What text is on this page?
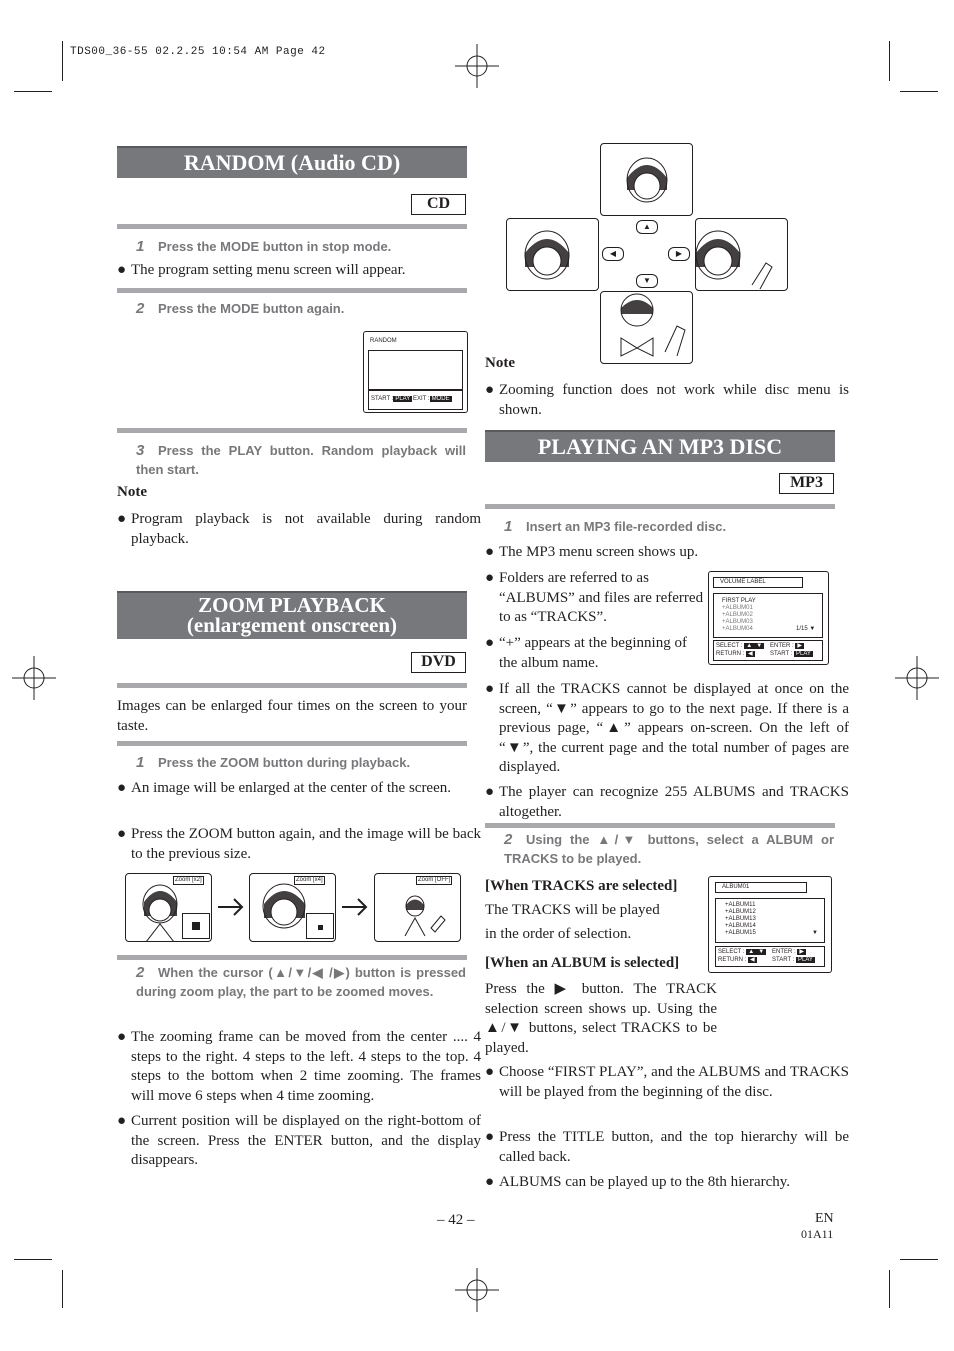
TDS00_36-55 02.2.25 10:54 AM Page 42
RANDOM (Audio CD)
CD
1 Press the MODE button in stop mode.
● The program setting menu screen will appear.
2 Press the MODE button again.
RANDOM
START : PLAY EXIT : MODE
3 Press the PLAY button. Random playback will then start.
Note
● Program playback is not available during random playback.
ZOOM PLAYBACK
(enlargement onscreen)
DVD
Images can be enlarged four times on the screen to your taste.
1 Press the ZOOM button during playback.
● An image will be enlarged at the center of the screen.
● Press the ZOOM button again, and the image will be back to the previous size.
Zoom [x2]	Zoom [x4]	Zoom [OFF]
2 When the cursor (▲/▼/◀ /▶) button is pressed during zoom play, the part to be zoomed moves.
● The zooming frame can be moved from the center .... 4 steps to the right. 4 steps to the left. 4 steps to the top. 4 steps to the bottom when 2 time zooming. The frames will move 6 steps when 4 time zooming.
● Current position will be displayed on the right-bottom of the screen. Press the ENTER button, and the display disappears.
▲
◀	▶
▼
Note
● Zooming function does not work while disc menu is shown.
PLAYING AN MP3 DISC
MP3
1 Insert an MP3 file-recorded disc.
● The MP3 menu screen shows up.
● Folders are referred to as “ALBUMS” and files are referred to as “TRACKS”.
● “+” appears at the beginning of the album name.
VOLUME LABEL
FIRST PLAY
+ALBUM01
+ALBUM02
+ALBUM03
+ALBUM04	1/15 ▼
SELECT : ▲ ▼	ENTER : ▶
RETURN : ◀	START : PLAY
● If all the TRACKS cannot be displayed at once on the screen, “▼” appears to go to the next page. If there is a previous page, “▲” appears on-screen. On the left of “▼”, the current page and the total number of pages are displayed.
● The player can recognize 255 ALBUMS and TRACKS altogether.
2 Using the ▲/▼ buttons, select a ALBUM or TRACKS to be played.
[When TRACKS are selected]
The TRACKS will be played
in the order of selection.
[When an ALBUM is selected]
Press the ▶ button. The TRACK selection screen shows up. Using the ▲/▼ buttons, select TRACKS to be played.
ALBUM01
+ALBUM11
+ALBUM12
+ALBUM13
+ALBUM14
+ALBUM15	▼
SELECT : ▲ ▼	ENTER : ▶
RETURN : ◀	START : PLAY
● Choose “FIRST PLAY”, and the ALBUMS and TRACKS will be played from the beginning of the disc.
● Press the TITLE button, and the top hierarchy will be called back.
● ALBUMS can be played up to the 8th hierarchy.
– 42 –	EN
01A11
